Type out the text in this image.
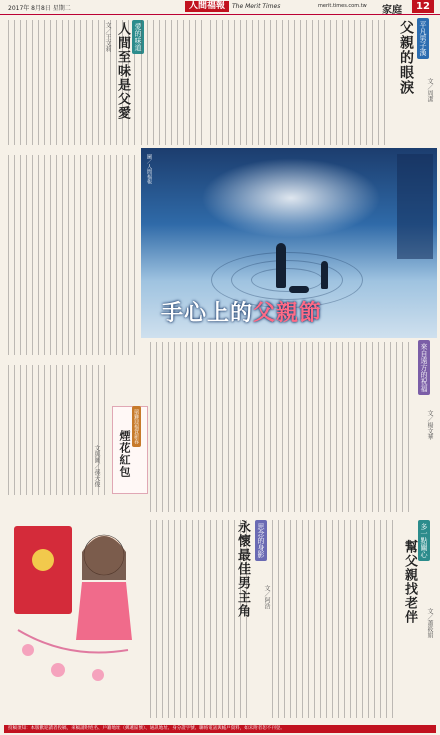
2017年 8月8日 星期二	人間福報	The Merit Times	merit.times.com.tw 家庭	12
平凡男子漢
父親的眼淚	文／周潔
愛的味道
人間至味是父愛
文／王文莉
圖／人間福報
手心上的父親節
來自遠方的祝福
文／楊文華
瑞獅迎福賀新春
煙花紅包
文與圖／孫天俊
思念的身影
永懷最佳男主角	文／阿浩
多一點關心
幫父親找老伴	文／蕭筱娟
投稿須知：本版歡迎讀者投稿，來稿請附姓名、戶籍地址（郵遞區號）、通訊地址、身分證字號、聯絡電話與帳戶資料，如未附者恕不刊登。
